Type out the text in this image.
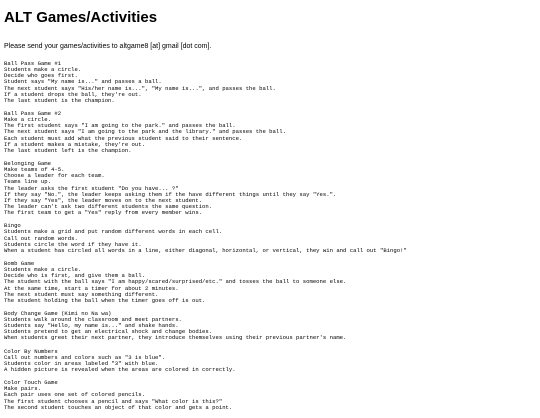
ALT Games/Activities

Please send your games/activities to altgame8 [at] gmail [dot com].

Ball Pass Game #1
Students make a circle.
Decide who goes first.
Student says "My name is..." and passes a ball.
The next student says "His/her name is...", "My name is...", and passes the ball.
If a student drops the ball, they're out.
The last student is the champion.
Ball Pass Game #2
Make a circle.
The first student says "I am going to the park." and passes the ball.
The next student says "I am going to the park and the library." and passes the ball.
Each student must add what the previous student said to their sentence.
If a student makes a mistake, they're out.
The last student left is the champion.
Belonging Game
Make teams of 4-5.
Choose a leader for each team.
Teams line up.
The leader asks the first student "Do you have... ?"
If they say "No.", the leader keeps asking them if the have different things until they say "Yes.".
If they say "Yes", the leader moves on to the next student.
The leader can't ask two different students the same question.
The first team to get a "Yes" reply from every member wins.
Bingo
Students make a grid and put random different words in each cell.
Call out random words.
Students circle the word if they have it.
When a student has circled all words in a line, either diagonal, horizontal, or vertical, they win and call out "Bingo!"
Bomb Game
Students make a circle.
Decide who is first, and give them a ball.
The student with the ball says "I am happy/scared/surprised/etc." and tosses the ball to someone else.
At the same time, start a timer for about 2 minutes.
The next student must say something different.
The student holding the ball when the timer goes off is out.
Body Change Game (Kimi no Na wa)
Students walk around the classroom and meet partners.
Students say "Hello, my name is..." and shake hands.
Students pretend to get an electrical shock and change bodies.
When students greet their next partner, they introduce themselves using their previous partner's name.
Color By Numbers
Call out numbers and colors such as "3 is blue".
Students color in areas labeled "3" with blue.
A hidden picture is revealed when the areas are colored in correctly.
Color Touch Game
Make pairs.
Each pair uses one set of colored pencils.
The first student chooses a pencil and says "What color is this?"
The second student touches an object of that color and gets a point.
